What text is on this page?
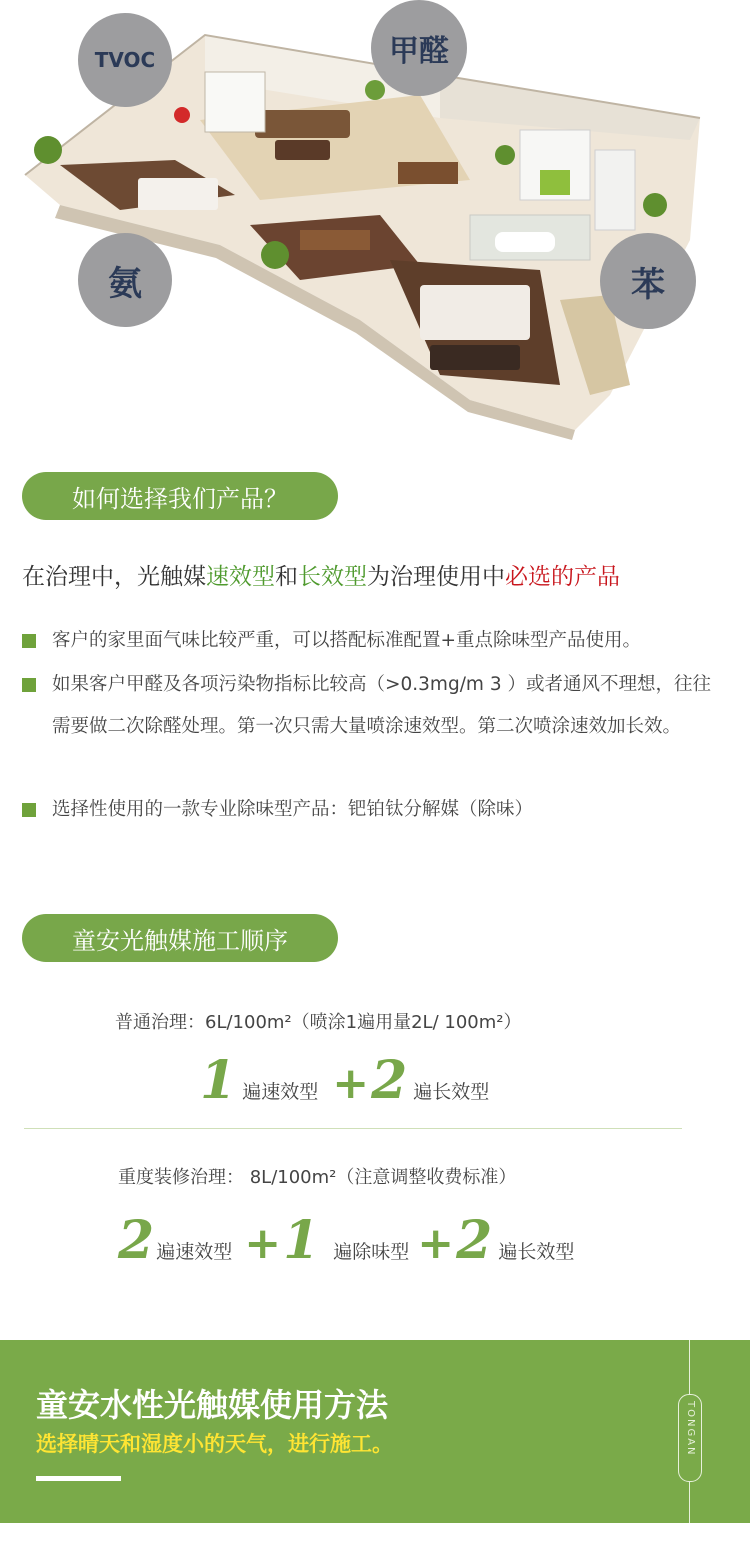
TVOC	甲醛
氨	苯
如何选择我们产品？
在治理中，光触媒速效型和长效型为治理使用中必选的产品
客户的家里面气味比较严重，可以搭配标准配置+重点除味型产品使用。
如果客户甲醛及各项污染物指标比较高（>0.3mg/m 3 ）或者通风不理想，往往需要做二次除醛处理。第一次只需大量喷涂速效型。第二次喷涂速效加长效。
选择性使用的一款专业除味型产品：钯铂钛分解媒（除味）
童安光触媒施工顺序
普通治理：6L/100m²（喷涂1遍用量2L/ 100m²）
1 遍速效型 + 2 遍长效型
重度装修治理： 8L/100m²（注意调整收费标准）
2 遍速效型 + 1 遍除味型 + 2 遍长效型
童安水性光触媒使用方法
选择晴天和湿度小的天气，进行施工。	TONGAN
